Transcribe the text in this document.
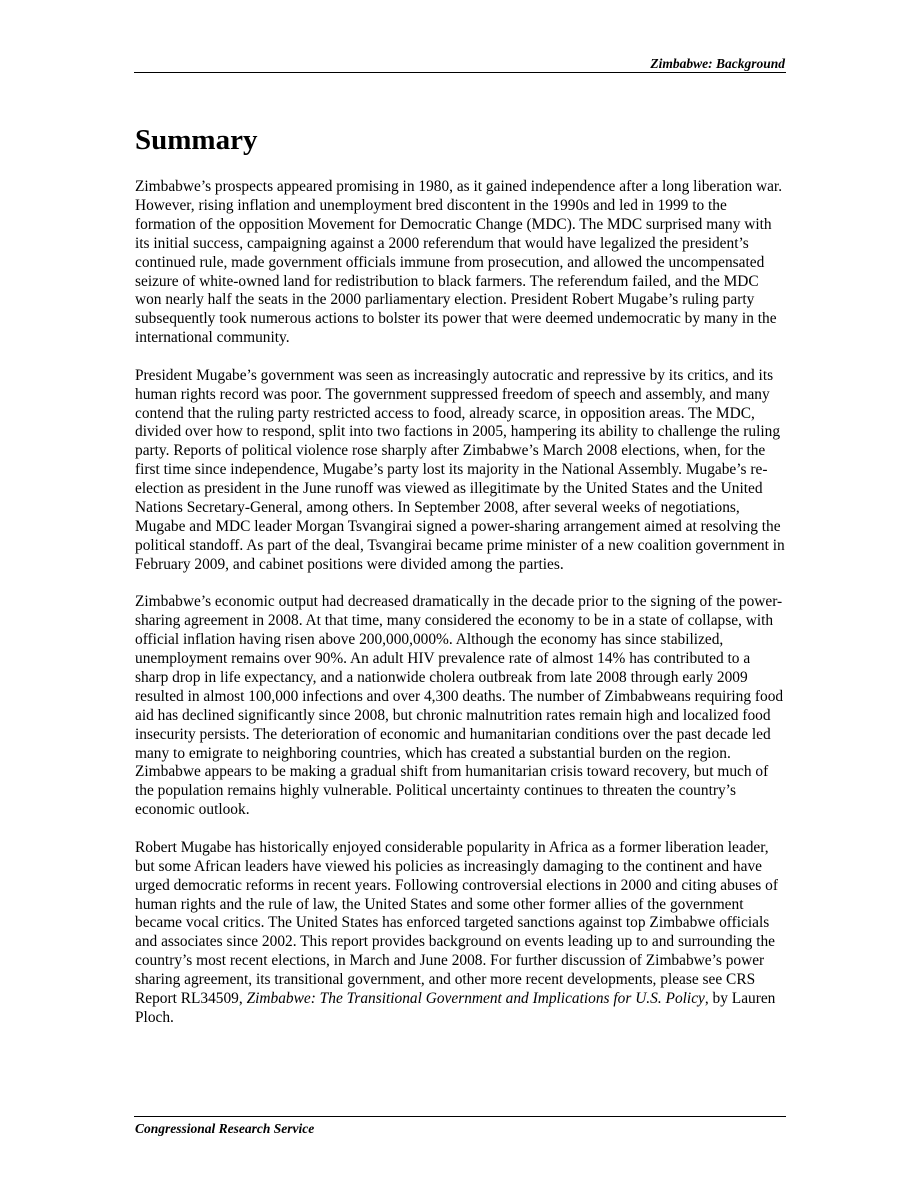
Zimbabwe: Background
Summary

Zimbabwe’s prospects appeared promising in 1980, as it gained independence after a long liberation war. However, rising inflation and unemployment bred discontent in the 1990s and led in 1999 to the formation of the opposition Movement for Democratic Change (MDC). The MDC surprised many with its initial success, campaigning against a 2000 referendum that would have legalized the president’s continued rule, made government officials immune from prosecution, and allowed the uncompensated seizure of white-owned land for redistribution to black farmers. The referendum failed, and the MDC won nearly half the seats in the 2000 parliamentary election. President Robert Mugabe’s ruling party subsequently took numerous actions to bolster its power that were deemed undemocratic by many in the international community.

President Mugabe’s government was seen as increasingly autocratic and repressive by its critics, and its human rights record was poor. The government suppressed freedom of speech and assembly, and many contend that the ruling party restricted access to food, already scarce, in opposition areas. The MDC, divided over how to respond, split into two factions in 2005, hampering its ability to challenge the ruling party. Reports of political violence rose sharply after Zimbabwe’s March 2008 elections, when, for the first time since independence, Mugabe’s party lost its majority in the National Assembly. Mugabe’s re-election as president in the June runoff was viewed as illegitimate by the United States and the United Nations Secretary-General, among others. In September 2008, after several weeks of negotiations, Mugabe and MDC leader Morgan Tsvangirai signed a power-sharing arrangement aimed at resolving the political standoff. As part of the deal, Tsvangirai became prime minister of a new coalition government in February 2009, and cabinet positions were divided among the parties.

Zimbabwe’s economic output had decreased dramatically in the decade prior to the signing of the power-sharing agreement in 2008. At that time, many considered the economy to be in a state of collapse, with official inflation having risen above 200,000,000%. Although the economy has since stabilized, unemployment remains over 90%. An adult HIV prevalence rate of almost 14% has contributed to a sharp drop in life expectancy, and a nationwide cholera outbreak from late 2008 through early 2009 resulted in almost 100,000 infections and over 4,300 deaths. The number of Zimbabweans requiring food aid has declined significantly since 2008, but chronic malnutrition rates remain high and localized food insecurity persists. The deterioration of economic and humanitarian conditions over the past decade led many to emigrate to neighboring countries, which has created a substantial burden on the region. Zimbabwe appears to be making a gradual shift from humanitarian crisis toward recovery, but much of the population remains highly vulnerable. Political uncertainty continues to threaten the country’s economic outlook.

Robert Mugabe has historically enjoyed considerable popularity in Africa as a former liberation leader, but some African leaders have viewed his policies as increasingly damaging to the continent and have urged democratic reforms in recent years. Following controversial elections in 2000 and citing abuses of human rights and the rule of law, the United States and some other former allies of the government became vocal critics. The United States has enforced targeted sanctions against top Zimbabwe officials and associates since 2002. This report provides background on events leading up to and surrounding the country’s most recent elections, in March and June 2008. For further discussion of Zimbabwe’s power sharing agreement, its transitional government, and other more recent developments, please see CRS Report RL34509, Zimbabwe: The Transitional Government and Implications for U.S. Policy, by Lauren Ploch.

Congressional Research Service
